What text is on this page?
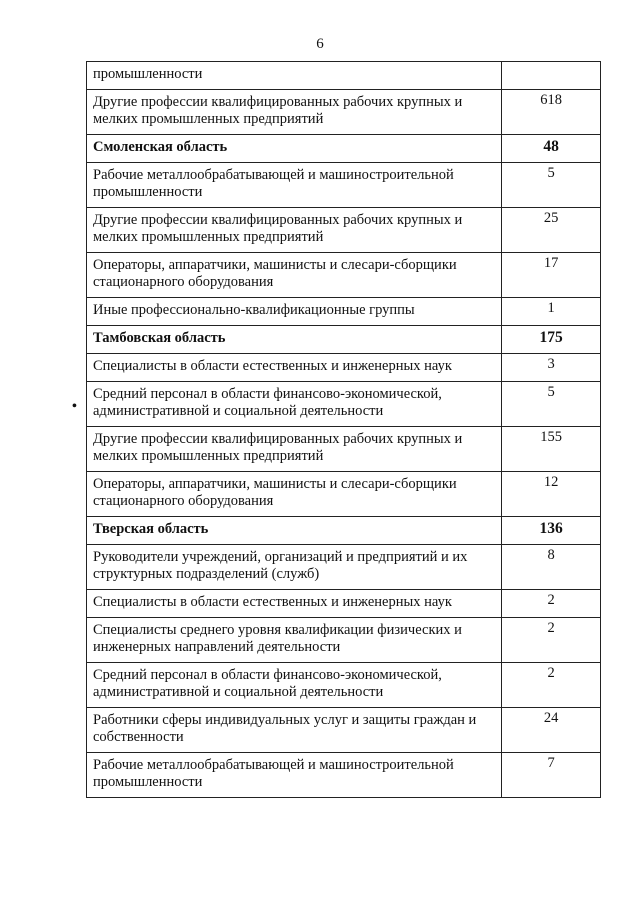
6
•
промышленности	
Другие профессии квалифицированных рабочих крупных и мелких промышленных предприятий	618
Смоленская область	48
Рабочие металлообрабатывающей и машиностроительной промышленности	5
Другие профессии квалифицированных рабочих крупных и мелких промышленных предприятий	25
Операторы, аппаратчики, машинисты и слесари-сборщики стационарного оборудования	17
Иные профессионально-квалификационные группы	1
Тамбовская область	175
Специалисты в области естественных и инженерных наук	3
Средний персонал в области финансово-экономической, административной и социальной деятельности	5
Другие профессии квалифицированных рабочих крупных и мелких промышленных предприятий	155
Операторы, аппаратчики, машинисты и слесари-сборщики стационарного оборудования	12
Тверская область	136
Руководители учреждений, организаций и предприятий и их структурных подразделений (служб)	8
Специалисты в области естественных и инженерных наук	2
Специалисты среднего уровня квалификации физических и инженерных направлений деятельности	2
Средний персонал в области финансово-экономической, административной и социальной деятельности	2
Работники сферы индивидуальных услуг и защиты граждан и собственности	24
Рабочие металлообрабатывающей и машиностроительной промышленности	7
